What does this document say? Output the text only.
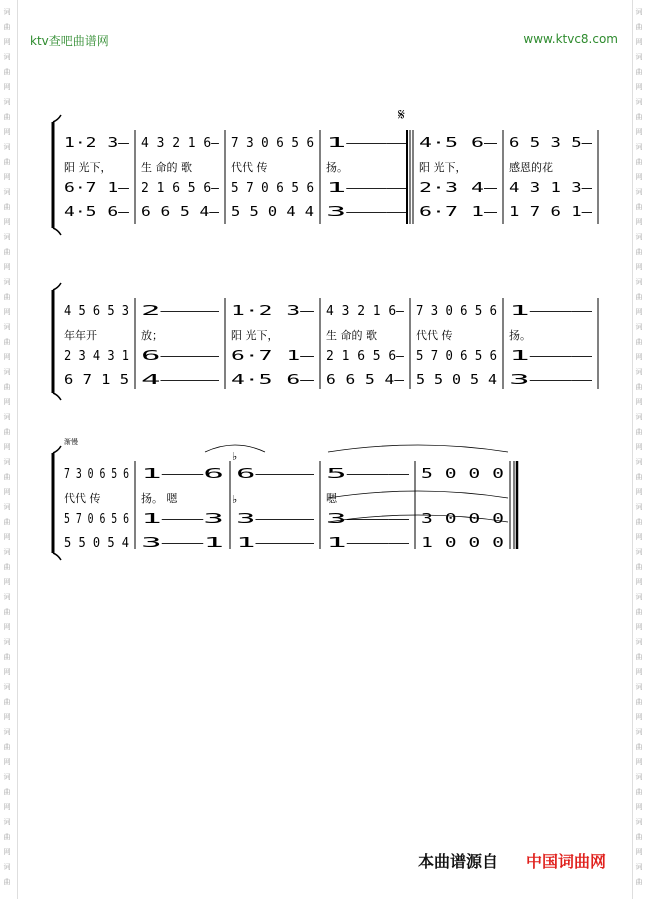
ktv查吧曲谱网	www.ktvc8.com
词
曲
网
词
曲
网
词
曲
网
词
曲
网
词
曲
网
词
曲
网
词
曲
网
词
曲
网
词
曲
网
词
曲
网
词
曲
网
词
曲
网
词
曲
网
词
曲
网
词
曲
网
词
曲
网
词
曲
网
词
曲
网
词
曲
网
词
曲
词
曲
网
词
曲
网
词
曲
网
词
曲
网
词
曲
网
词
曲
网
词
曲
网
词
曲
网
词
曲
网
词
曲
网
词
曲
网
词
曲
网
词
曲
网
词
曲
网
词
曲
网
词
曲
网
词
曲
网
词
曲
网
词
曲
网
词
曲
1·2 3—
阳 光下，
6·7 1—
4·5 6—
4 3 2 1 6—
生 命的 歌
2 1 6 5 6—
6 6 5 4—
7 3 0 6 5 6
代代 传
5 7 0 6 5 6
5 5 0 4 4
1———
扬。
1———
3———
4·5 6—
阳 光下，
2·3 4—
6·7 1—
6 5 3 5—
感恩的花
4 3 1 3—
1 7 6 1—
4 5 6 5 3
年年开
2 3 4 3 1
6 7 1 5
2———
放；
6———
4———
1·2 3—
阳 光下，
6·7 1—
4·5 6—
4 3 2 1 6—
生 命的 歌
2 1 6 5 6—
6 6 5 4—
7 3 0 6 5 6
代代 传
5 7 0 6 5 6
5 5 0 5 4
1———
扬。
1———
3———
7 3 0 6 5 6
代代 传
5 7 0 6 5 6
5 5 0 5 4
1——6
扬。 嗯
1——3
3——1
6———
3———
1———
5———
嗯
3———
1———
5 0 0 0
3 0 0 0
1 0 0 0
𝄋
渐慢
♭
♭
本曲谱源自 中国词曲网
